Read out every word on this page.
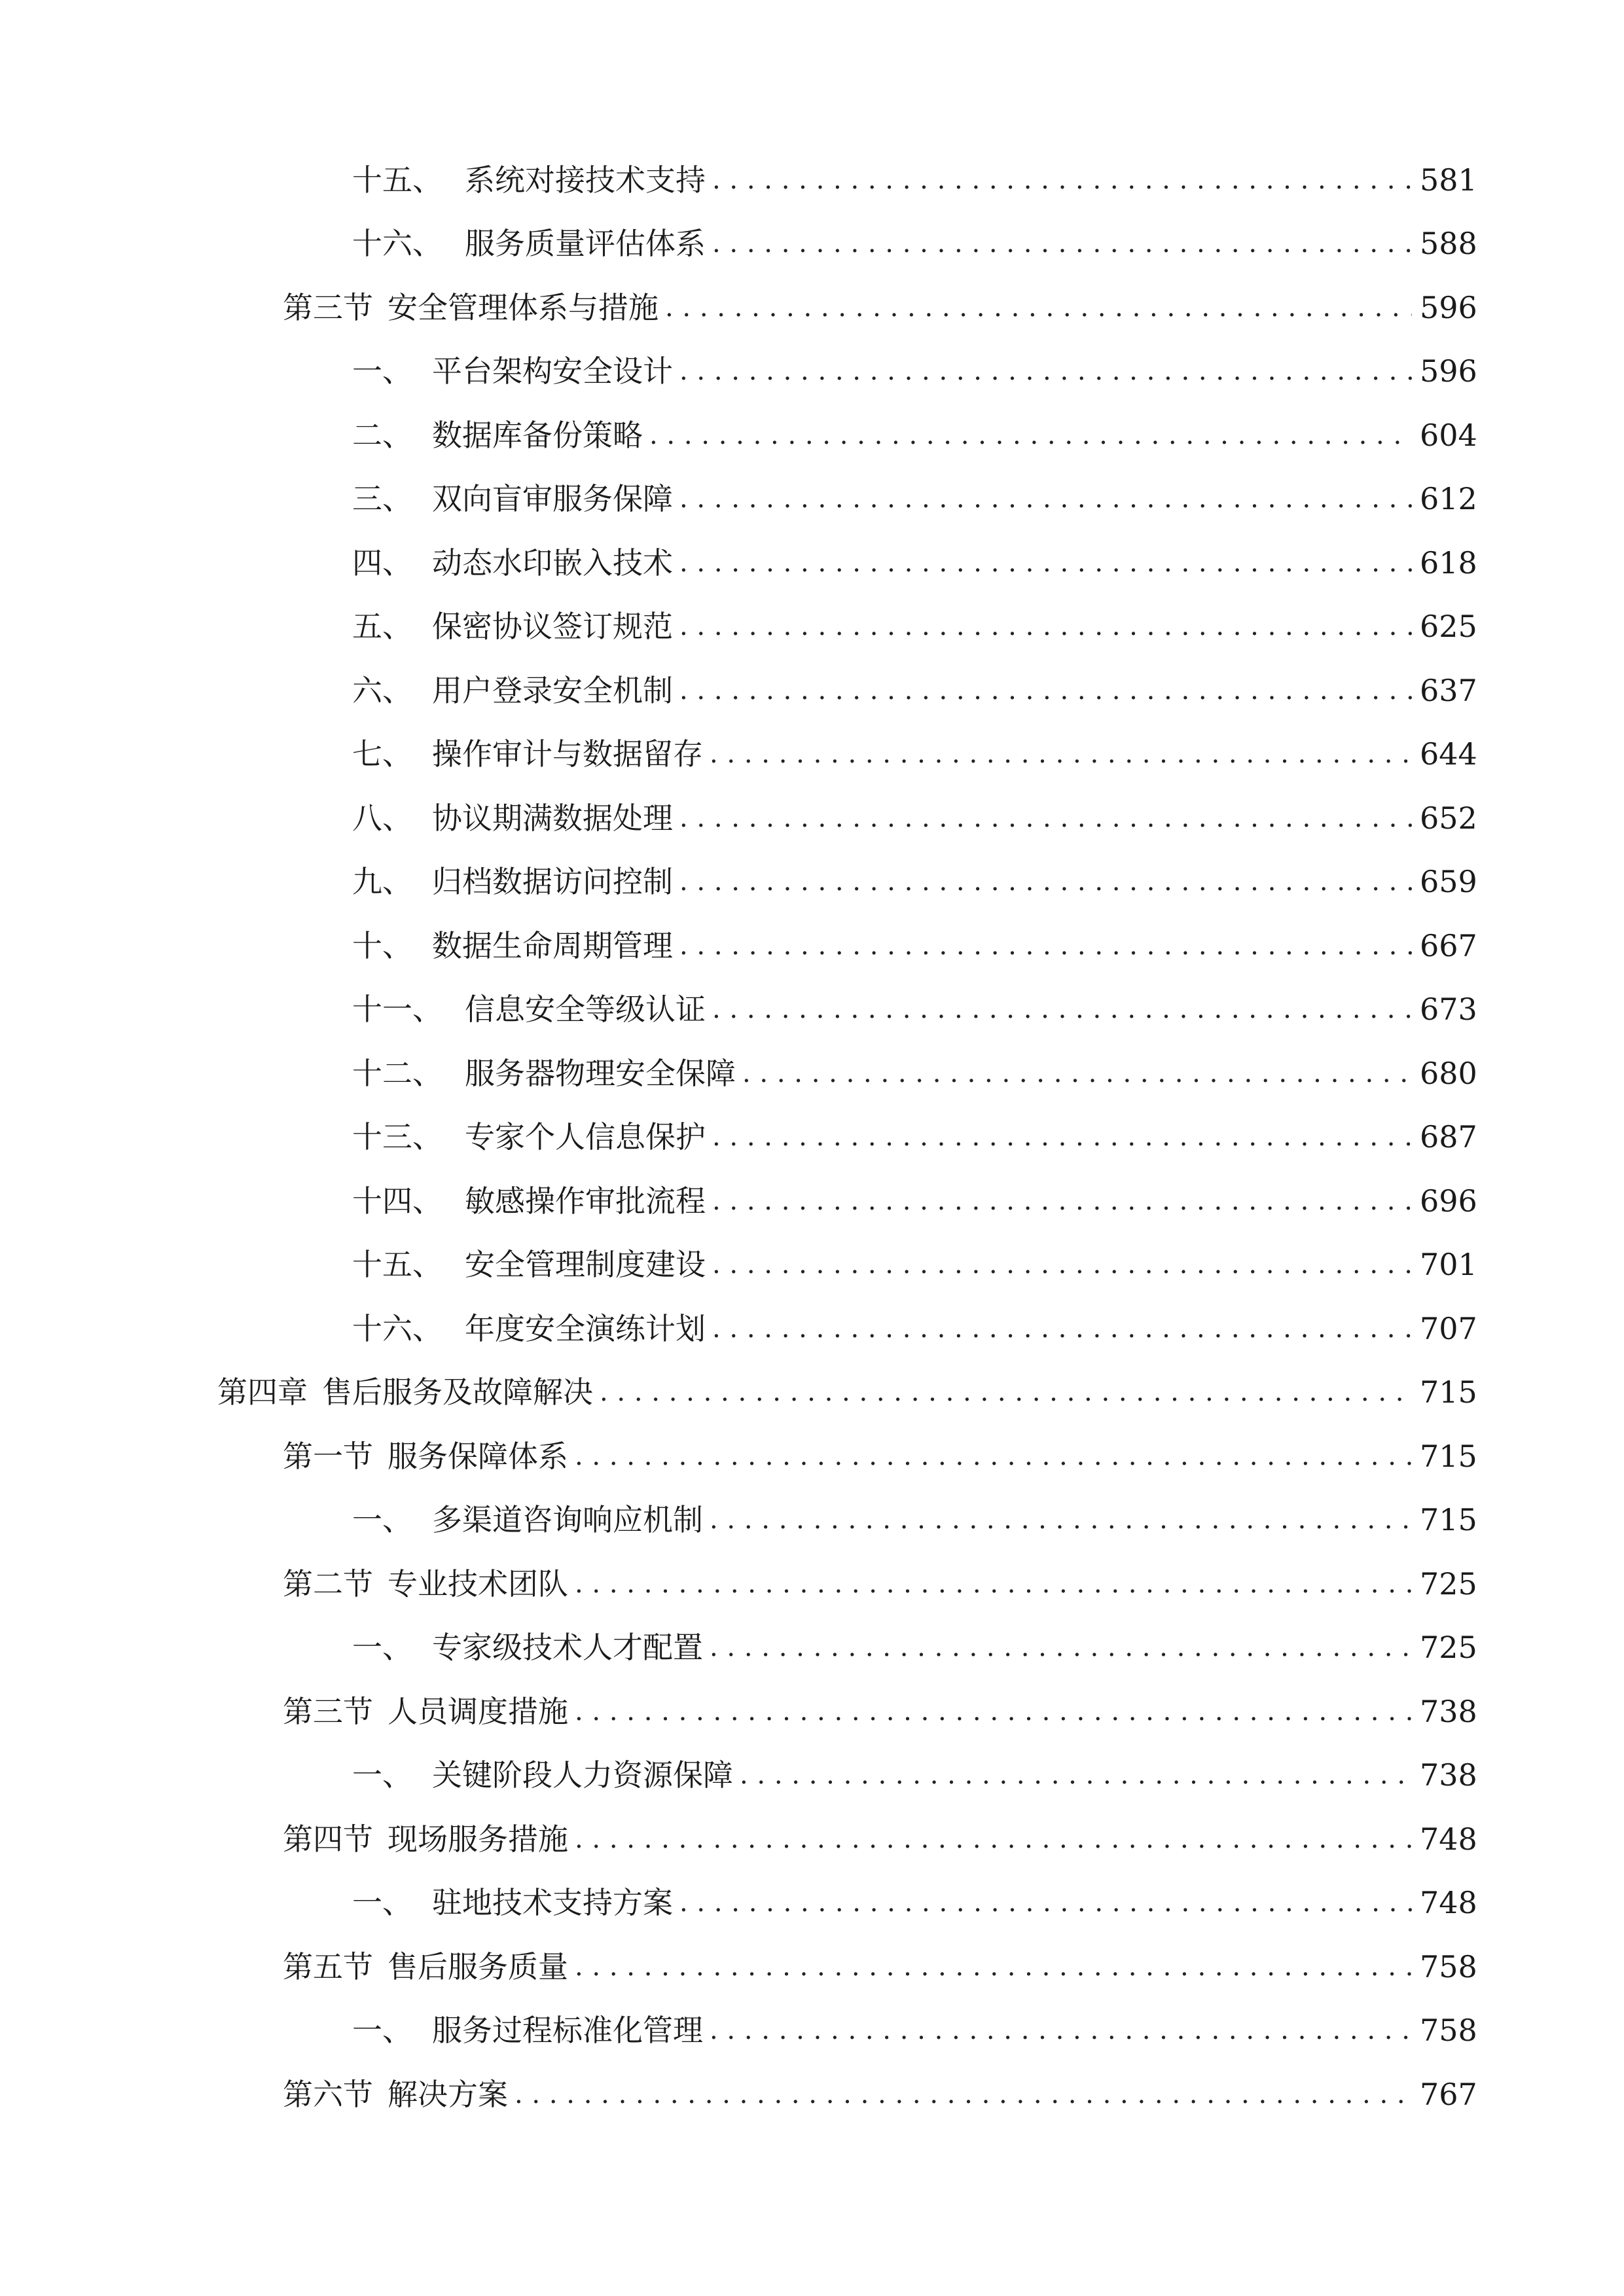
十五、 系统对接技术支持 . . .	581
十六、 服务质量评估体系 . . .	588
第三节 安全管理体系与措施 . . .	596
一、 平台架构安全设计 . . .	596
二、 数据库备份策略 . . .	604
三、 双向盲审服务保障 . . .	612
四、 动态水印嵌入技术 . . .	618
五、 保密协议签订规范 . . .	625
六、 用户登录安全机制 . . .	637
七、 操作审计与数据留存 . . .	644
八、 协议期满数据处理 . . .	652
九、 归档数据访问控制 . . .	659
十、 数据生命周期管理 . . .	667
十一、 信息安全等级认证 . . .	673
十二、 服务器物理安全保障 . . .	680
十三、 专家个人信息保护 . . .	687
十四、 敏感操作审批流程 . . .	696
十五、 安全管理制度建设 . . .	701
十六、 年度安全演练计划 . . .	707
第四章 售后服务及故障解决 . . .	715
第一节 服务保障体系 . . .	715
一、 多渠道咨询响应机制 . . .	715
第二节 专业技术团队 . . .	725
一、 专家级技术人才配置 . . .	725
第三节 人员调度措施 . . .	738
一、 关键阶段人力资源保障 . . .	738
第四节 现场服务措施 . . .	748
一、 驻地技术支持方案 . . .	748
第五节 售后服务质量 . . .	758
一、 服务过程标准化管理 . . .	758
第六节 解决方案 . . .	767
